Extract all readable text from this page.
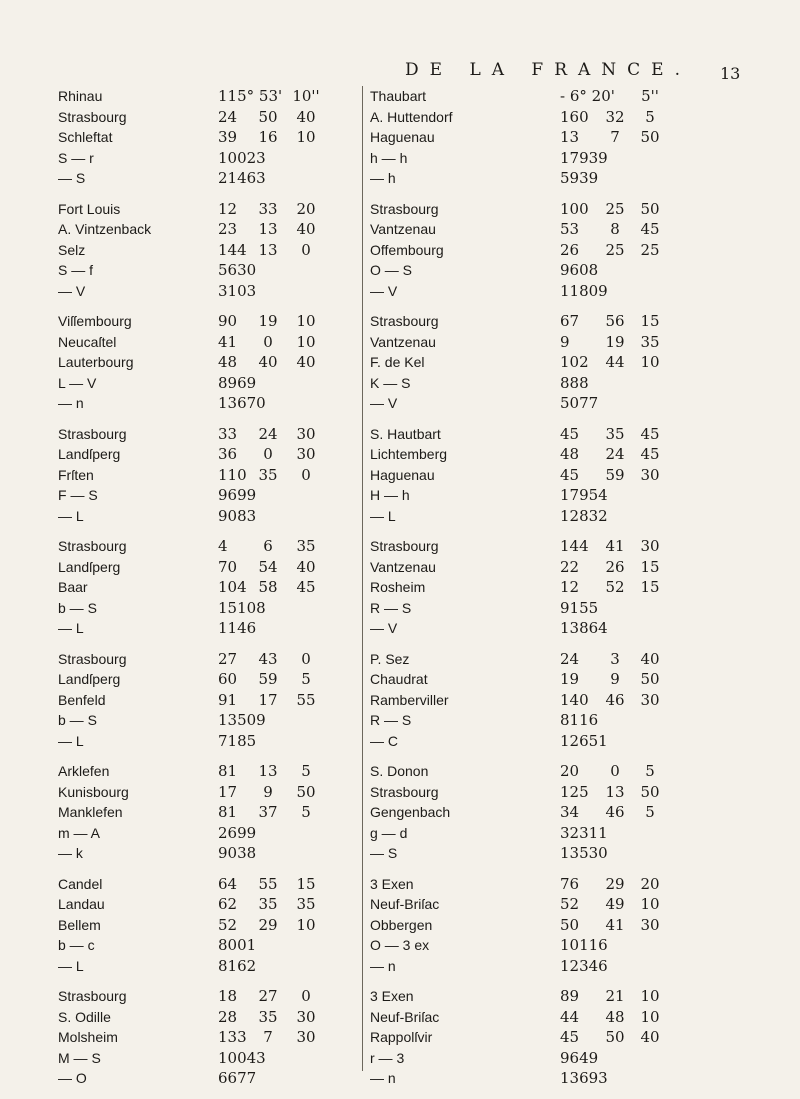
DE LA FRANCE. 13
Rhinau	115° 53' 10''	Thaubart	- 6° 20'	5''
Strasbourg	24	50	40	A. Huttendorf	160	32	5
Schleftat	39	16	10	Haguenau	13	7	50
S — r	10023	h — h	17939
— S	21463	— h	5939
Fort Louis	12	33	20	Strasbourg	100	25	50
A. Vintzenback	23	13	40	Vantzenau	53	8	45
Selz	144 13	0	Offembourg	26	25	25
S — f	5630	O — S	9608
— V	3103	— V	11809
Viſſembourg	90	19	10	Strasbourg	67	56	15
Neucaſtel	41	0	10	Vantzenau	9	19	35
Lauterbourg	48	40	40	F. de Kel	102	44	10
L — V	8969	K — S	888
— n	13670	— V	5077
Strasbourg	33	24	30	S. Hautbart	45	35	45
Landſperg	36	0	30	Lichtemberg	48	24	45
Frſten	110 35	0	Haguenau	45	59	30
F — S	9699	H — h	17954
— L	9083	— L	12832
Strasbourg	4	6	35	Strasbourg	144	41	30
Landſperg	70	54	40	Vantzenau	22	26	15
Baar	104 58	45	Rosheim	12	52	15
b — S	15108	R — S	9155
— L	1146	— V	13864
Strasbourg	27	43	0	P. Sez	24	3	40
Landſperg	60	59	5	Chaudrat	19	9	50
Benfeld	91	17	55	Ramberviller	140	46	30
b — S	13509	R — S	8116
— L	7185	— C	12651
Arklefen	81	13	5	S. Donon	20	0	5
Kunisbourg	17	9	50	Strasbourg	125	13	50
Manklefen	81	37	5	Gengenbach	34	46	5
m — A	2699	g — d	32311
— k	9038	— S	13530
Candel	64	55	15	3 Exen	76	29	20
Landau	62	35	35	Neuf-Briſac	52	49	10
Bellem	52	29	10	Obbergen	50	41	30
b — c	8001	O — 3 ex	10116
— L	8162	— n	12346
Strasbourg	18	27	0	3 Exen	89	21	10
S. Odille	28	35	30	Neuf-Briſac	44	48	10
Molsheim	133	7	30	Rappolſvir	45	50	40
M — S	10043	r — 3	9649
— O	6677	— n	13693
